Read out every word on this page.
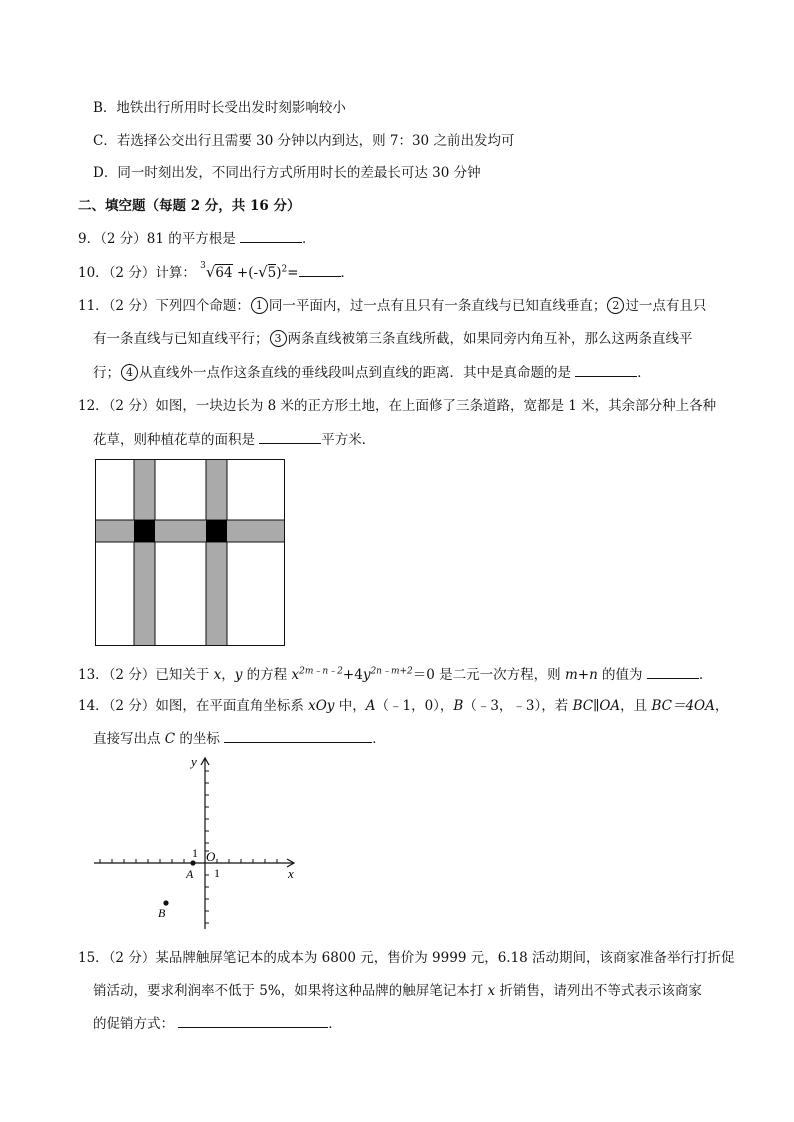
B．地铁出行所用时长受出发时刻影响较小
C．若选择公交出行且需要 30 分钟以内到达，则 7：30 之前出发均可
D．同一时刻出发，不同出行方式所用时长的差最长可达 30 分钟
二、填空题（每题 2 分，共 16 分）
9．（2 分）81 的平方根是	．
10．（2 分）计算： $^3√64 +(-√5)^2=$	．
11．（2 分）下列四个命题： 1 同一平面内，过一点有且只有一条直线与已知直线垂直； 2 过一点有且只
有一条直线与已知直线平行； 3 两条直线被第三条直线所截，如果同旁内角互补，那么这两条直线平
行； 4 从直线外一点作这条直线的垂线段叫点到直线的距离．其中是真命题的是	．
12．（2 分）如图，一块边长为 8 米的正方形土地，在上面修了三条道路，宽都是 1 米，其余部分种上各种
花草，则种植花草的面积是	平方米．
13．（2 分）已知关于 x，y 的方程 $x^{2m﹣n﹣2}+4y^{2n﹣m+2}=0$ 是二元一次方程，则 m+n 的值为	．
14．（2 分）如图，在平面直角坐标系 xOy 中，A（﹣1，0），B（﹣3，﹣3），若 BC∥OA，且 BC＝4OA，
直接写出点 C 的坐标	．
y
x
O
1
1
A
B
15．（2 分）某品牌触屏笔记本的成本为 6800 元，售价为 9999 元，6.18 活动期间，该商家准备举行打折促
销活动，要求利润率不低于 5%，如果将这种品牌的触屏笔记本打 x 折销售，请列出不等式表示该商家
的促销方式：	．
